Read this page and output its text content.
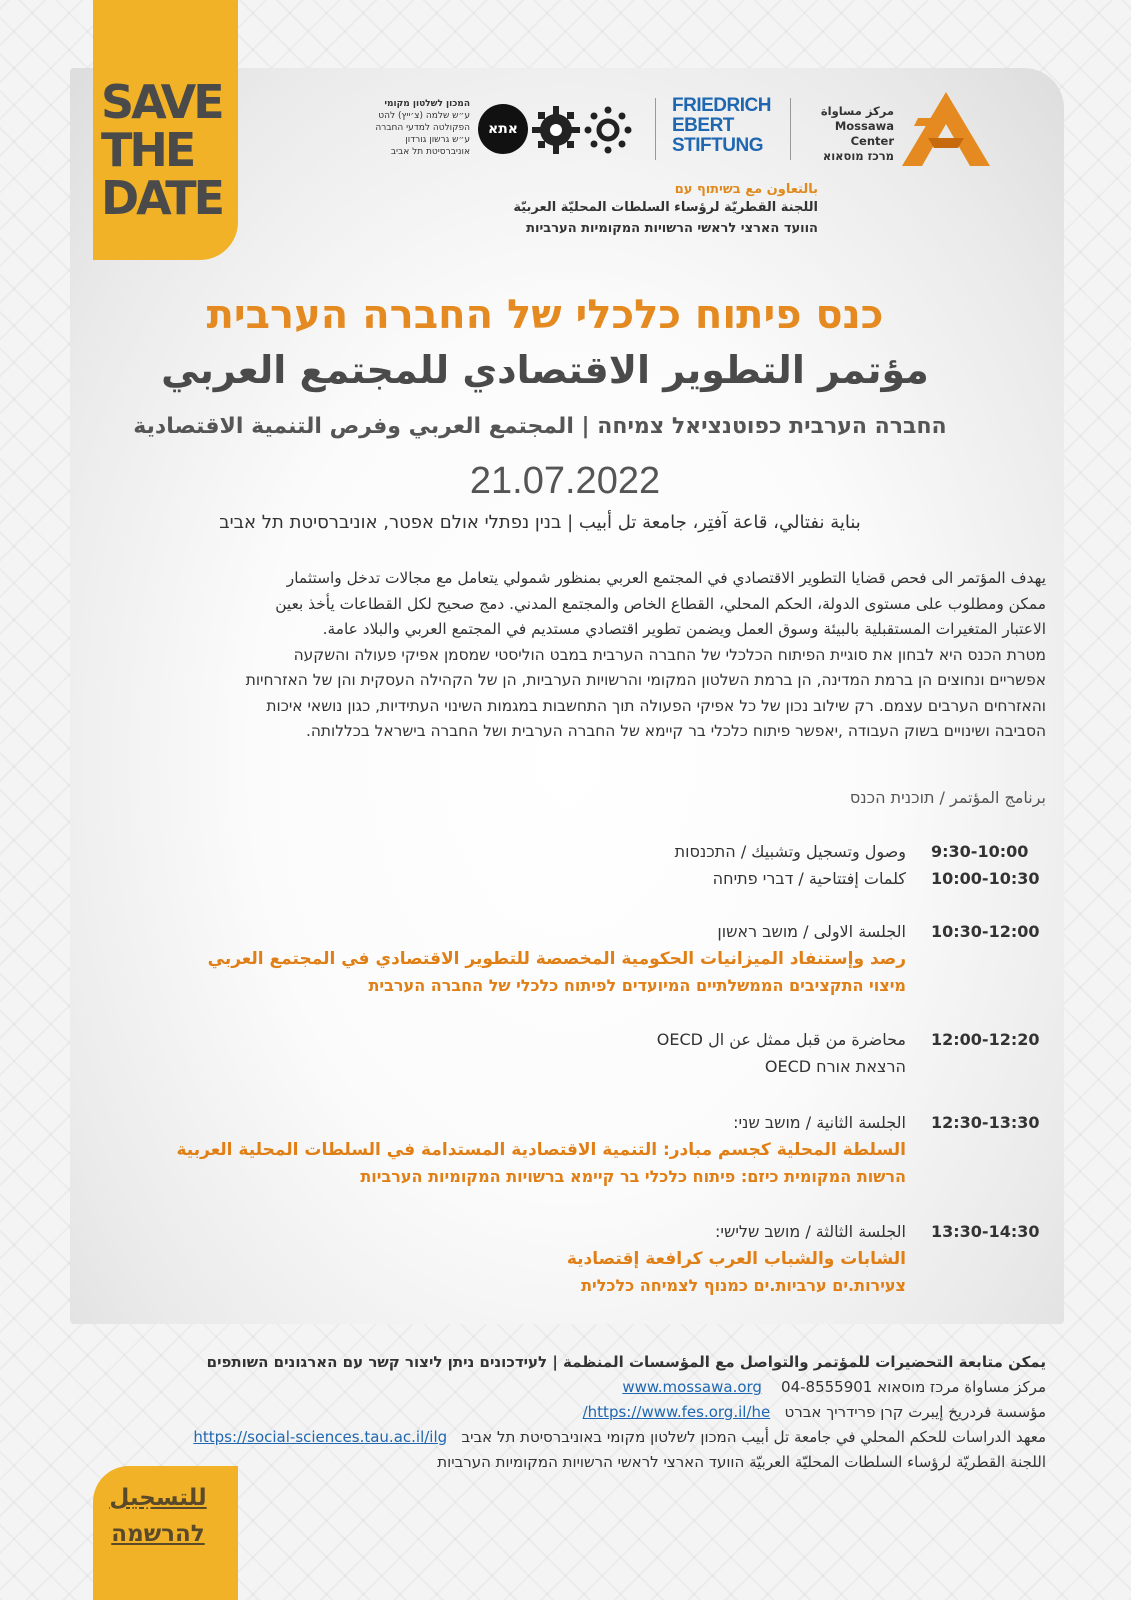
SAVE
THE
DATE
مركز مساواة
Mossawa Center
מרכז מוסאוא
FRIEDRICH
EBERT
STIFTUNG
אתא
המכון לשלטון מקומי
ע״ש שלמה (צ׳ייץ) להט
הפקולטה למדעי החברה
ע״ש גרשון גורדון
אוניברסיטת תל אביב
بالتعاون مع בשיתוף עם
اللجنة القطريّة لرؤساء السلطات المحليّة العربيّة
הוועד הארצי לראשי הרשויות המקומיות הערביות
כנס פיתוח כלכלי של החברה הערבית
مؤتمر التطوير الاقتصادي للمجتمع العربي
החברה הערבית כפוטנציאל צמיחה | المجتمع العربي وفرص التنمية الاقتصادية
21.07.2022
بناية نفتالي، قاعة آفتِر، جامعة تل أبيب | בנין נפתלי אולם אפטר, אוניברסיטת תל אביב
يهدف المؤتمر الى فحص قضايا التطوير الاقتصادي في المجتمع العربي بمنظور شمولي يتعامل مع مجالات تدخل واستثمار
ممكن ومطلوب على مستوى الدولة، الحكم المحلي، القطاع الخاص والمجتمع المدني. دمج صحيح لكل القطاعات يأخذ بعين
الاعتبار المتغيرات المستقبلية بالبيئة وسوق العمل ويضمن تطوير اقتصادي مستديم في المجتمع العربي والبلاد عامة.
מטרת הכנס היא לבחון את סוגיית הפיתוח הכלכלי של החברה הערבית במבט הוליסטי שמסמן אפיקי פעולה והשקעה
אפשריים ונחוצים הן ברמת המדינה, הן ברמת השלטון המקומי והרשויות הערביות, הן של הקהילה העסקית והן של האזרחיות
והאזרחים הערבים עצמם. רק שילוב נכון של כל אפיקי הפעולה תוך התחשבות במגמות השינוי העתידיות, כגון נושאי איכות
הסביבה ושינויים בשוק העבודה ,יאפשר פיתוח כלכלי בר קיימא של החברה הערבית ושל החברה בישראל בכללותה.
برنامج المؤتمر / תוכנית הכנס
9:30-10:00
وصول وتسجيل وتشبيك / התכנסות
10:00-10:30
كلمات إفتتاحية / דברי פתיחה
10:30-12:00
الجلسة الاولى / מושב ראשון
رصد وإستنفاد الميزانيات الحكومية المخصصة للتطوير الاقتصادي في المجتمع العربي
מיצוי התקציבים הממשלתיים המיועדים לפיתוח כלכלי של החברה הערבית
12:00-12:20
محاضرة من قبل ممثل عن ال OECD
הרצאת אורח OECD
12:30-13:30
الجلسة الثانية / מושב שני:
السلطة المحلية كجسم مبادر: التنمية الاقتصادية المستدامة في السلطات المحلية العربية
הרשות המקומית כיזם: פיתוח כלכלי בר קיימא ברשויות המקומיות הערביות
13:30-14:30
الجلسة الثالثة / מושב שלישי:
الشابات والشباب العرب كرافعة إقتصادية
צעירות.ים ערביות.ים כמנוף לצמיחה כלכלית
يمكن متابعة التحضيرات للمؤتمر والتواصل مع المؤسسات المنظمة | לעידכונים ניתן ליצור קשר עם הארגונים השותפים
مركز مساواة مرכז מוסאוא 04-8555901    www.mossawa.org
مؤسسة فردريخ إيبرت קרן פרידריך אברט   https://www.fes.org.il/he/
معهد الدراسات للحكم المحلي في جامعة تل أبيب המכון לשלטון מקומי באוניברסיטת תל אביב   https://social-sciences.tau.ac.il/ilg
اللجنة القطريّة لرؤساء السلطات المحليّة العربيّة הוועד הארצי לראשי הרשויות המקומיות הערביות
للتسجيل
להרשמה
